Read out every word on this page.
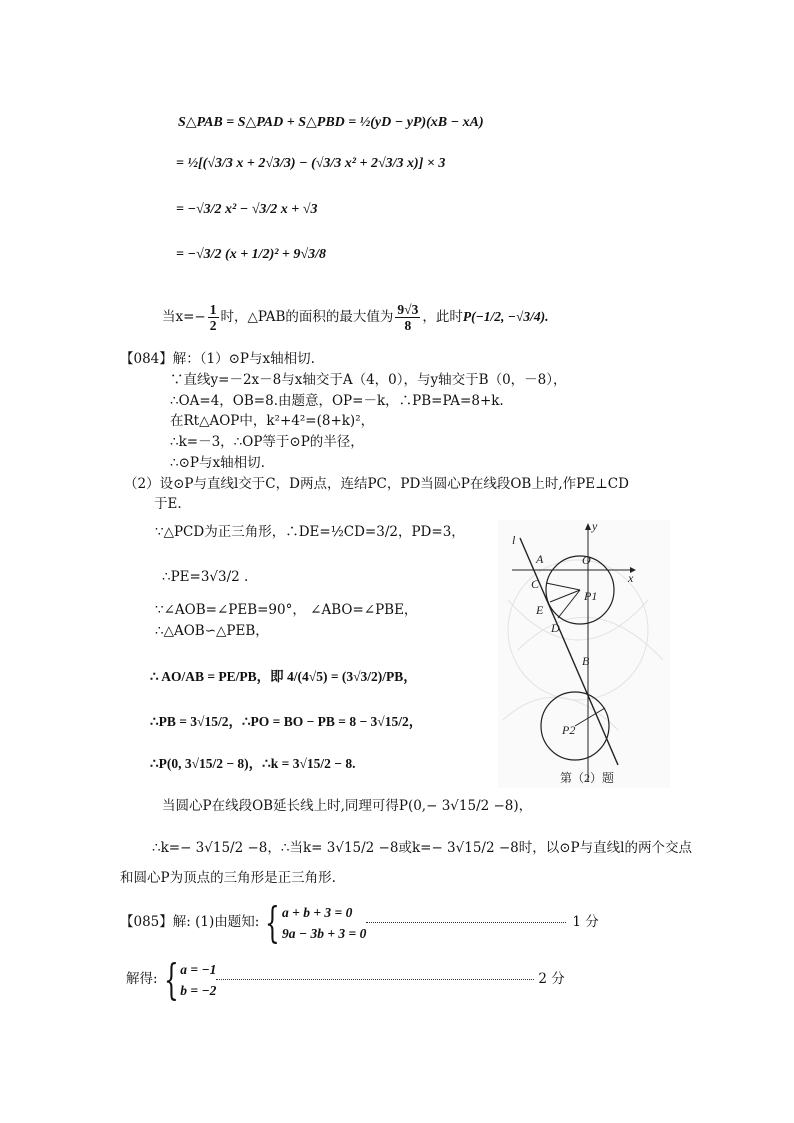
S△PAB = S△PAD + S△PBD = ½(yD − yP)(xB − xA)
= ½[(√3/3 x + 2√3/3) − (√3/3 x² + 2√3/3 x)] × 3
= −√3/2 x² − √3/2 x + √3
= −√3/2 (x + 1/2)² + 9√3/8
当$x=- \frac{1}{2}$ 时，△PAB的面积的最大值为 $\frac{9√3}{8}$ ，此时P(−1/2, −√3/4).
【084】解：（1）⊙P与x轴相切.
∵直线y=－2x－8与x轴交于A（4，0），与y轴交于B（0，－8），
∴OA=4，OB=8.由题意，OP=－k，∴PB=PA=8+k.
在Rt△AOP中，k²+4²=(8+k)²，
∴k=－3，∴OP等于⊙P的半径，
∴⊙P与x轴相切.
（2）设⊙P与直线l交于C，D两点，连结PC，PD当圆心P在线段OB上时,作PE⊥CD
于E.
∵△PCD为正三角形，∴DE=½CD=3/2，PD=3，
∴PE=3√3/2 .
∵∠AOB=∠PEB=90°， ∠ABO=∠PBE，
∴△AOB∽△PEB，
∴ AO/AB = PE/PB，即 4/(4√5) = (3√3/2)/PB，
∴PB = 3√15/2，∴PO = BO − PB = 8 − 3√15/2，
∴P(0, 3√15/2 − 8)，∴k = 3√15/2 − 8.
当圆心P在线段OB延长线上时,同理可得P(0,− 3√15/2 −8)，
∴k=− 3√15/2 −8，∴当k= 3√15/2 −8或k=− 3√15/2 −8时，以⊙P与直线l的两个交点
和圆心P为顶点的三角形是正三角形.
l
A	O
y
x
C
P1
E
D
B
P2
第（2）题
【085】解: (1)由题知: { a + b + 3 = 0
9a − 3b + 3 = 0
1 分
解得: { a = −1
b = −2
2 分
